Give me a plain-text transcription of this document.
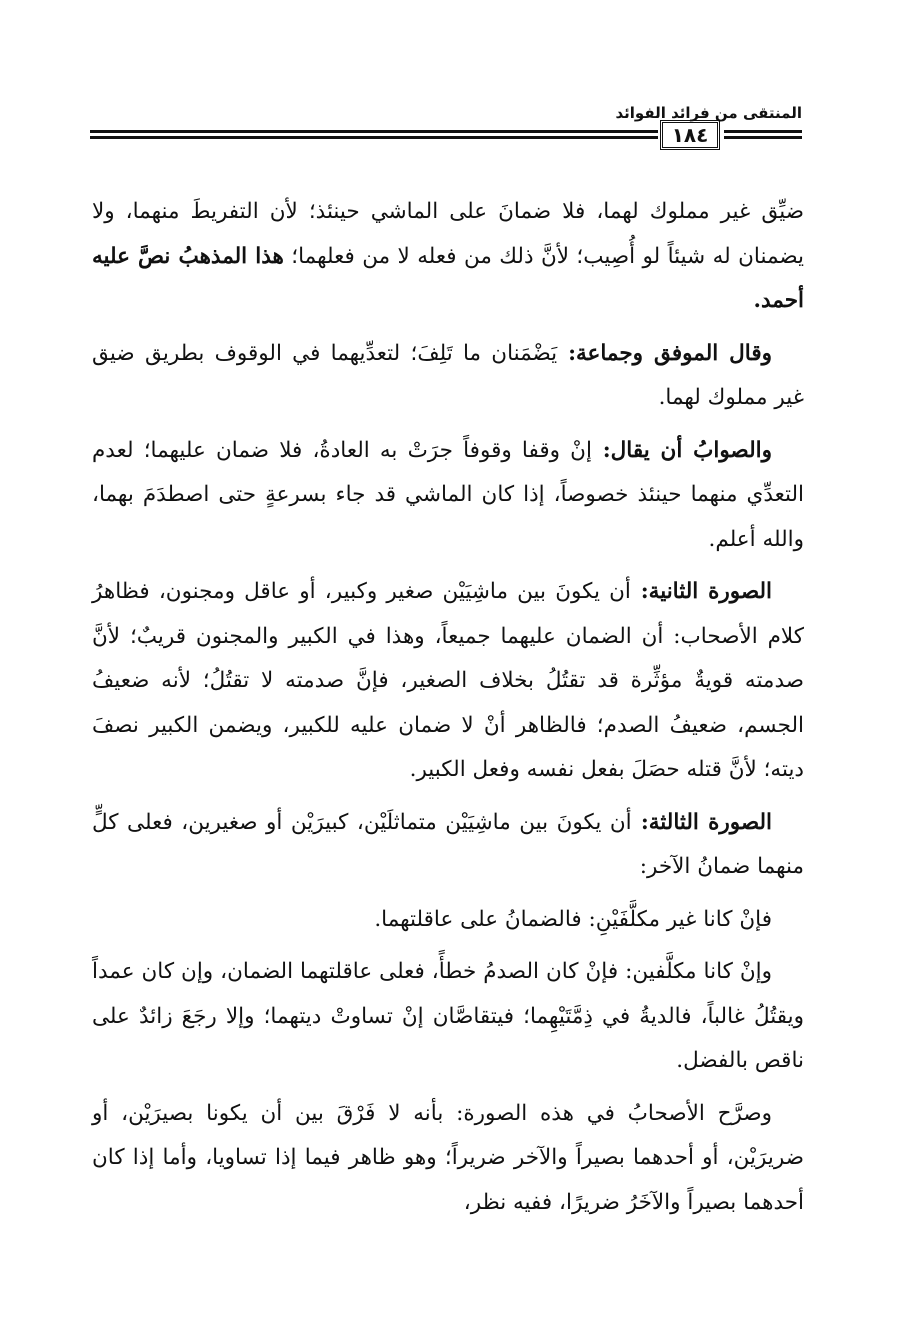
١٨٤
المنتقى من فرائد الفوائد

ضيِّق غير مملوك لهما، فلا ضمانَ على الماشي حينئذ؛ لأن التفريطَ منهما، ولا يضمنان له شيئاً لو أُصِيب؛ لأنَّ ذلك من فعله لا من فعلهما؛ هذا المذهبُ نصَّ عليه أحمد.

وقال الموفق وجماعة: يَضْمَنان ما تَلِفَ؛ لتعدِّيهما في الوقوف بطريق ضيق غير مملوك لهما.

والصوابُ أن يقال: إنْ وقفا وقوفاً جرَتْ به العادةُ، فلا ضمان عليهما؛ لعدم التعدِّي منهما حينئذ خصوصاً، إذا كان الماشي قد جاء بسرعةٍ حتى اصطدَمَ بهما، والله أعلم.

الصورة الثانية: أن يكونَ بين ماشِيَيْن صغير وكبير، أو عاقل ومجنون، فظاهرُ كلام الأصحاب: أن الضمان عليهما جميعاً، وهذا في الكبير والمجنون قريبٌ؛ لأنَّ صدمته قويةٌ مؤثِّرة قد تقتُلُ بخلاف الصغير، فإنَّ صدمته لا تقتُلُ؛ لأنه ضعيفُ الجسم، ضعيفُ الصدم؛ فالظاهر أنْ لا ضمان عليه للكبير، ويضمن الكبير نصفَ ديته؛ لأنَّ قتله حصَلَ بفعل نفسه وفعل الكبير.

الصورة الثالثة: أن يكونَ بين ماشِيَيْن متماثلَيْن، كبيرَيْن أو صغيرين، فعلى كلٍّ منهما ضمانُ الآخر:

فإنْ كانا غير مكلَّفَيْنِ: فالضمانُ على عاقلتهما.

وإنْ كانا مكلَّفين: فإنْ كان الصدمُ خطأً، فعلى عاقلتهما الضمان، وإن كان عمداً ويقتُلُ غالباً، فالديةُ في ذِمَّتَيْهِما؛ فيتقاصَّان إنْ تساوتْ ديتهما؛ وإلا رجَعَ زائدٌ على ناقص بالفضل.

وصرَّح الأصحابُ في هذه الصورة: بأنه لا فَرْقَ بين أن يكونا بصيرَيْن، أو ضريرَيْن، أو أحدهما بصيراً والآخر ضريراً؛ وهو ظاهر فيما إذا تساويا، وأما إذا كان أحدهما بصيراً والآخَرُ ضريرًا، ففيه نظر،
